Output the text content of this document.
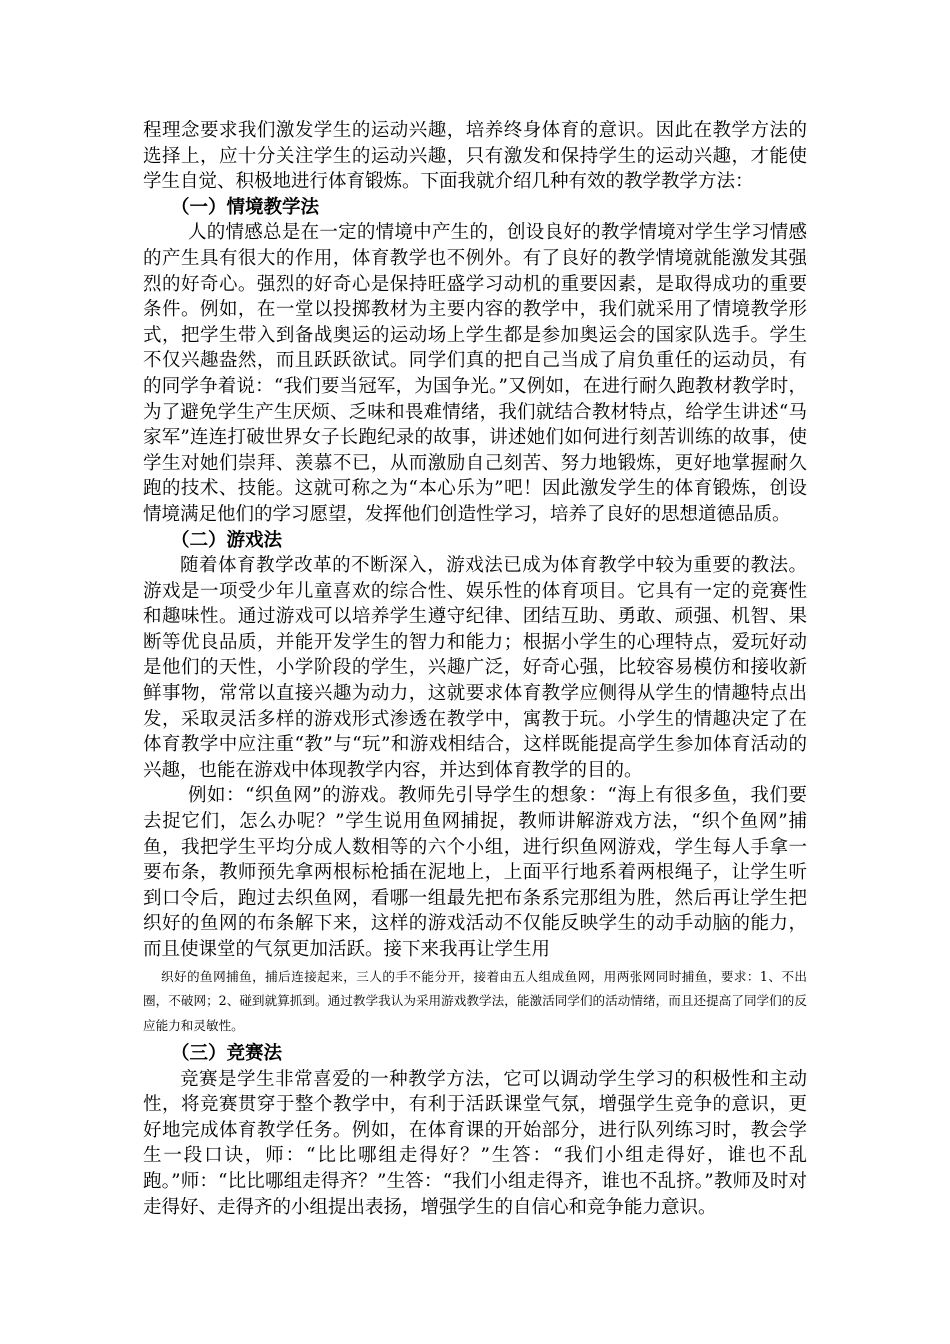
程理念要求我们激发学生的运动兴趣，培养终身体育的意识。因此在教学方法的选择上，应十分关注学生的运动兴趣，只有激发和保持学生的运动兴趣，才能使学生自觉、积极地进行体育锻炼。下面我就介绍几种有效的教学教学方法：

（一）情境教学法

人的情感总是在一定的情境中产生的，创设良好的教学情境对学生学习情感的产生具有很大的作用，体育教学也不例外。有了良好的教学情境就能激发其强烈的好奇心。强烈的好奇心是保持旺盛学习动机的重要因素，是取得成功的重要条件。例如，在一堂以投掷教材为主要内容的教学中，我们就采用了情境教学形式，把学生带入到备战奥运的运动场上学生都是参加奥运会的国家队选手。学生不仅兴趣盎然，而且跃跃欲试。同学们真的把自己当成了肩负重任的运动员，有的同学争着说：“我们要当冠军，为国争光。”又例如，在进行耐久跑教材教学时，为了避免学生产生厌烦、乏味和畏难情绪，我们就结合教材特点，给学生讲述“马家军”连连打破世界女子长跑纪录的故事，讲述她们如何进行刻苦训练的故事，使学生对她们崇拜、羡慕不已，从而激励自己刻苦、努力地锻炼，更好地掌握耐久跑的技术、技能。这就可称之为“本心乐为”吧！因此激发学生的体育锻炼，创设情境满足他们的学习愿望，发挥他们创造性学习，培养了良好的思想道德品质。

（二）游戏法

随着体育教学改革的不断深入，游戏法已成为体育教学中较为重要的教法。游戏是一项受少年儿童喜欢的综合性、娱乐性的体育项目。它具有一定的竞赛性和趣味性。通过游戏可以培养学生遵守纪律、团结互助、勇敢、顽强、机智、果断等优良品质，并能开发学生的智力和能力；根据小学生的心理特点，爱玩好动是他们的天性，小学阶段的学生，兴趣广泛，好奇心强，比较容易模仿和接收新鲜事物，常常以直接兴趣为动力，这就要求体育教学应侧得从学生的情趣特点出发，采取灵活多样的游戏形式渗透在教学中，寓教于玩。小学生的情趣决定了在体育教学中应注重“教”与“玩”和游戏相结合，这样既能提高学生参加体育活动的兴趣，也能在游戏中体现教学内容，并达到体育教学的目的。

例如：“织鱼网”的游戏。教师先引导学生的想象：“海上有很多鱼，我们要去捉它们，怎么办呢？”学生说用鱼网捕捉，教师讲解游戏方法，“织个鱼网”捕鱼，我把学生平均分成人数相等的六个小组，进行织鱼网游戏，学生每人手拿一要布条，教师预先拿两根标枪插在泥地上，上面平行地系着两根绳子，让学生听到口令后，跑过去织鱼网，看哪一组最先把布条系完那组为胜，然后再让学生把织好的鱼网的布条解下来，这样的游戏活动不仅能反映学生的动手动脑的能力，而且使课堂的气氛更加活跃。接下来我再让学生用

织好的鱼网捕鱼，捕后连接起来，三人的手不能分开，接着由五人组成鱼网，用两张网同时捕鱼，要求：1、不出圈，不破网；2、碰到就算抓到。通过教学我认为采用游戏教学法，能激活同学们的活动情绪，而且还提高了同学们的反应能力和灵敏性。

（三）竞赛法

竞赛是学生非常喜爱的一种教学方法，它可以调动学生学习的积极性和主动性，将竞赛贯穿于整个教学中，有利于活跃课堂气氛，增强学生竞争的意识，更好地完成体育教学任务。例如，在体育课的开始部分，进行队列练习时，教会学生一段口诀，师：“比比哪组走得好？”生答：“我们小组走得好，谁也不乱跑。”师：“比比哪组走得齐？”生答：“我们小组走得齐，谁也不乱挤。”教师及时对走得好、走得齐的小组提出表扬，增强学生的自信心和竞争能力意识。
